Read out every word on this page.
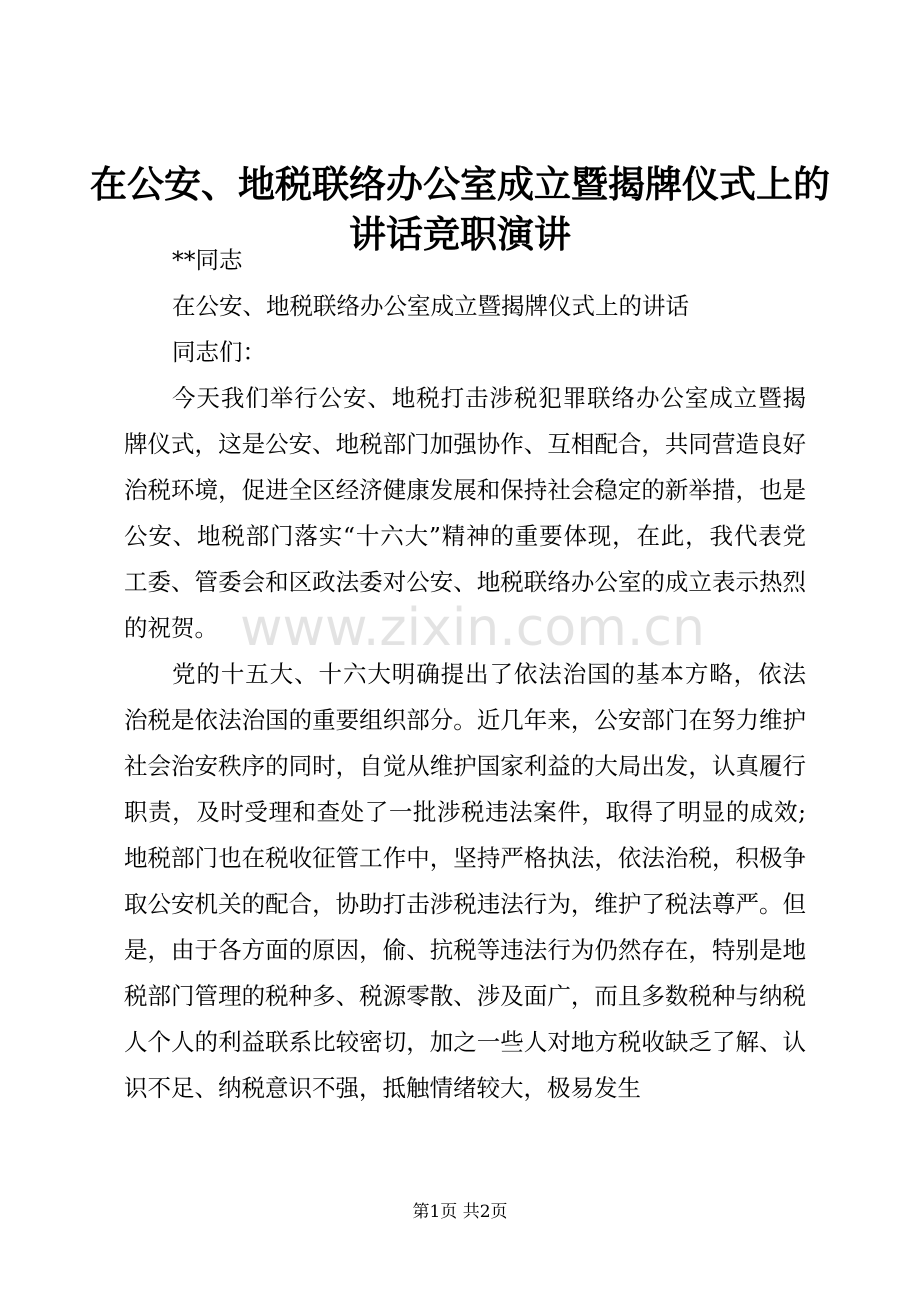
在公安、地税联络办公室成立暨揭牌仪式上的
讲话竞职演讲

**同志

在公安、地税联络办公室成立暨揭牌仪式上的讲话

同志们：

今天我们举行公安、地税打击涉税犯罪联络办公室成立暨揭牌仪式，这是公安、地税部门加强协作、互相配合，共同营造良好治税环境，促进全区经济健康发展和保持社会稳定的新举措，也是公安、地税部门落实“十六大”精神的重要体现，在此，我代表党工委、管委会和区政法委对公安、地税联络办公室的成立表示热烈的祝贺。

党的十五大、十六大明确提出了依法治国的基本方略，依法治税是依法治国的重要组织部分。近几年来，公安部门在努力维护社会治安秩序的同时，自觉从维护国家利益的大局出发，认真履行职责，及时受理和查处了一批涉税违法案件，取得了明显的成效;地税部门也在税收征管工作中，坚持严格执法，依法治税，积极争取公安机关的配合，协助打击涉税违法行为，维护了税法尊严。但是，由于各方面的原因，偷、抗税等违法行为仍然存在，特别是地税部门管理的税种多、税源零散、涉及面广，而且多数税种与纳税人个人的利益联系比较密切，加之一些人对地方税收缺乏了解、认识不足、纳税意识不强，抵触情绪较大，极易发生

www.zixin.com.cn
第1页 共2页
